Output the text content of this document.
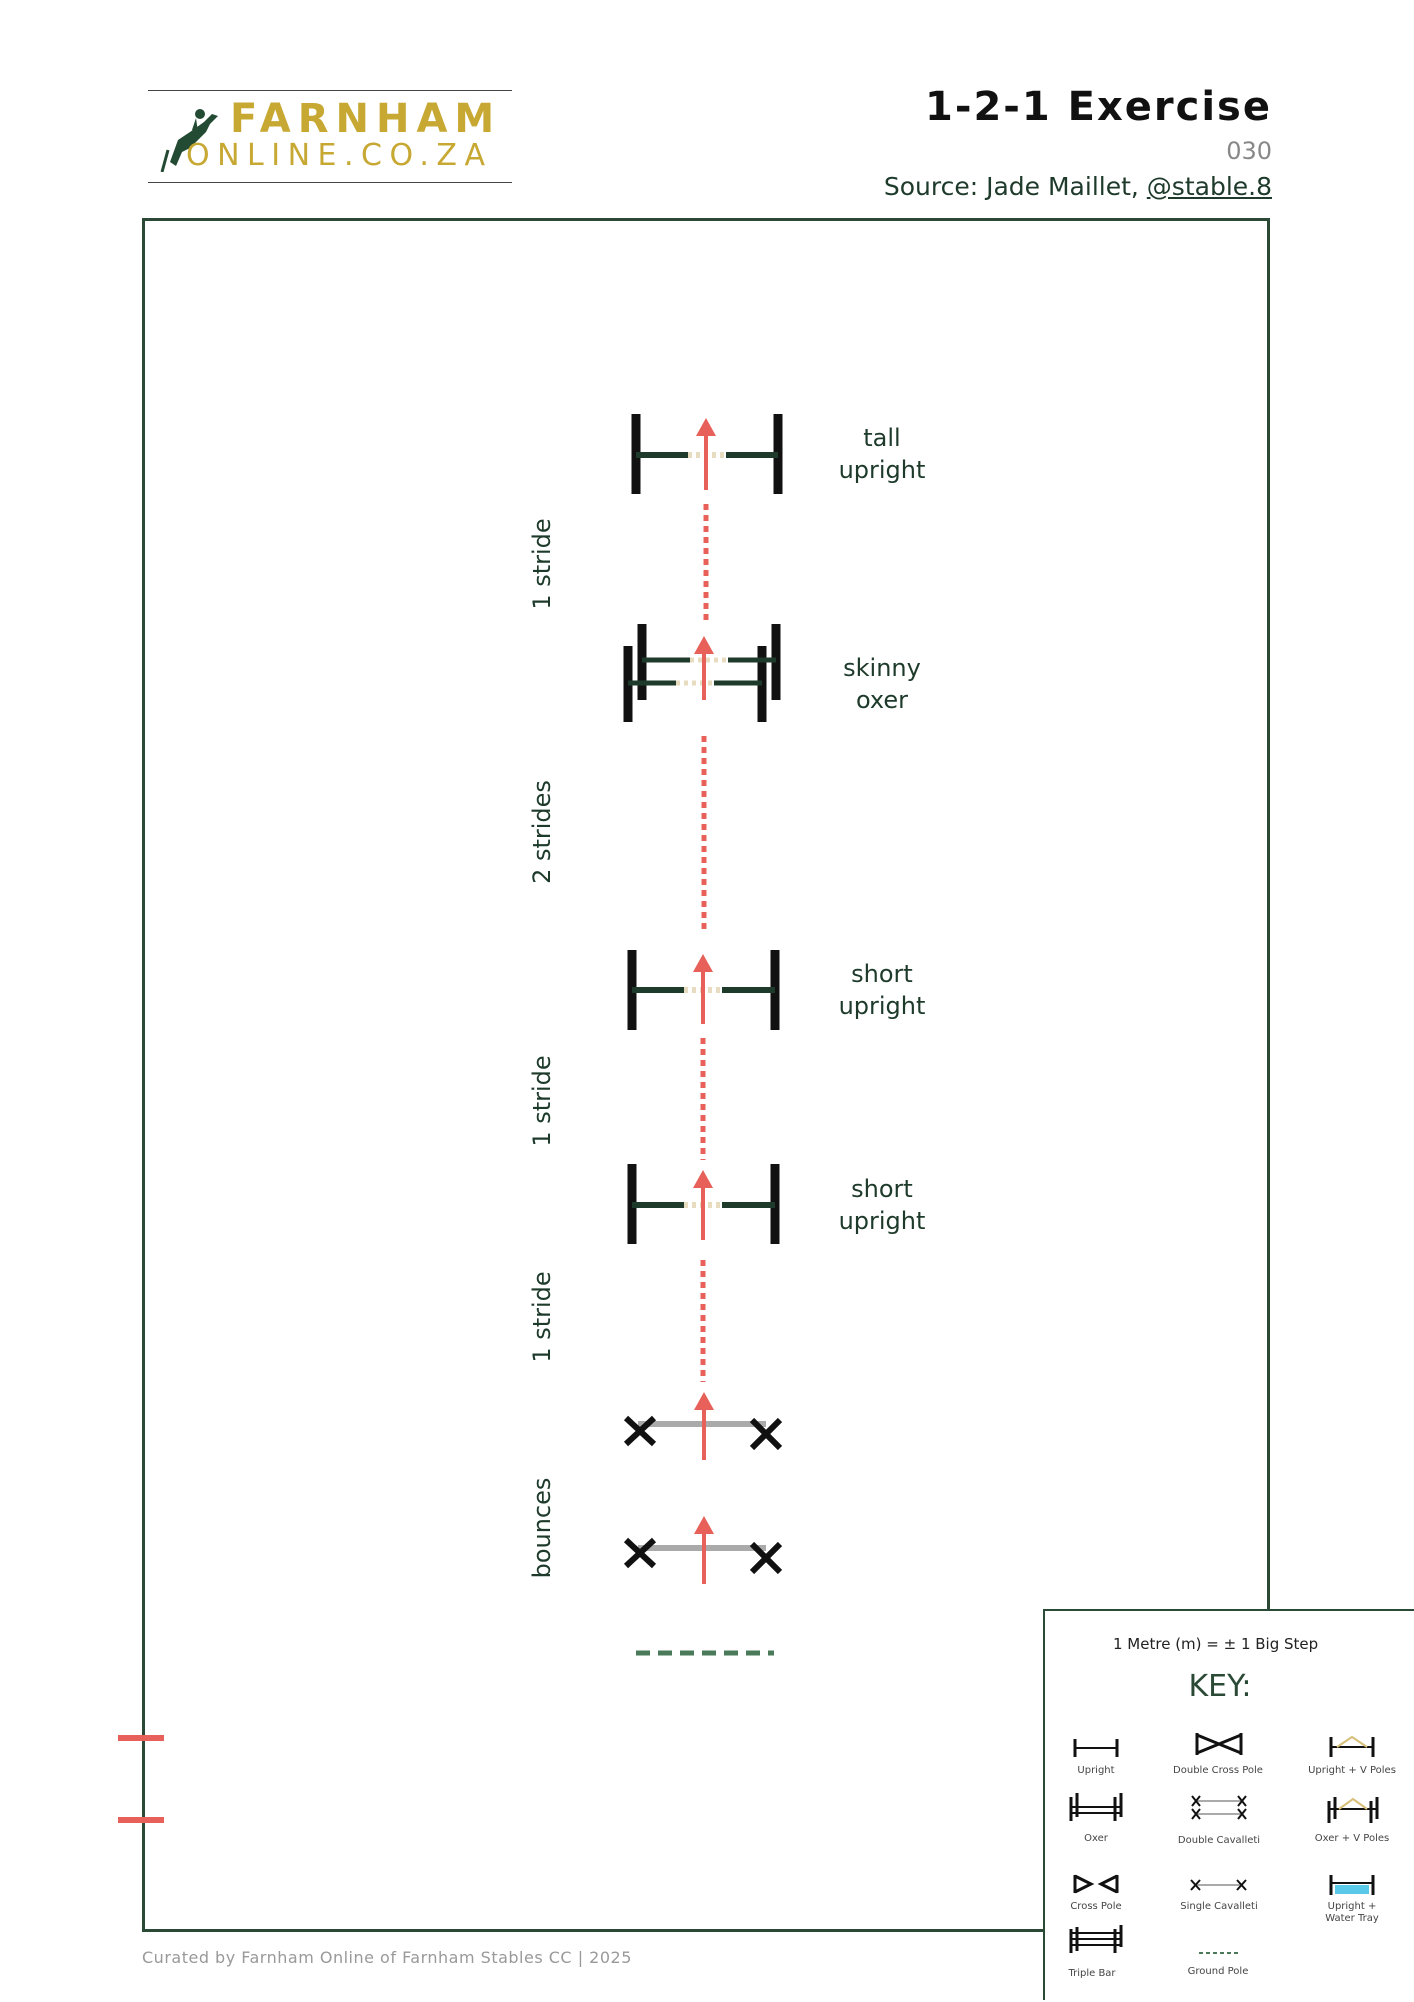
FARNHAM
ONLINE.CO.ZA
1-2-1 Exercise
030
Source: Jade Maillet, @stable.8
tall
upright
skinny
oxer
short
upright
short
upright
1 stride
2 strides
1 stride
1 stride
bounces
Curated by Farnham Online of Farnham Stables CC | 2025
1 Metre (m) = ± 1 Big Step
KEY:
Upright	Double Cross Pole	Upright + V Poles
Oxer	Double Cavalleti	Oxer + V Poles
Cross Pole	Single Cavalleti	Upright +
Water Tray
Triple Bar	Ground Pole
